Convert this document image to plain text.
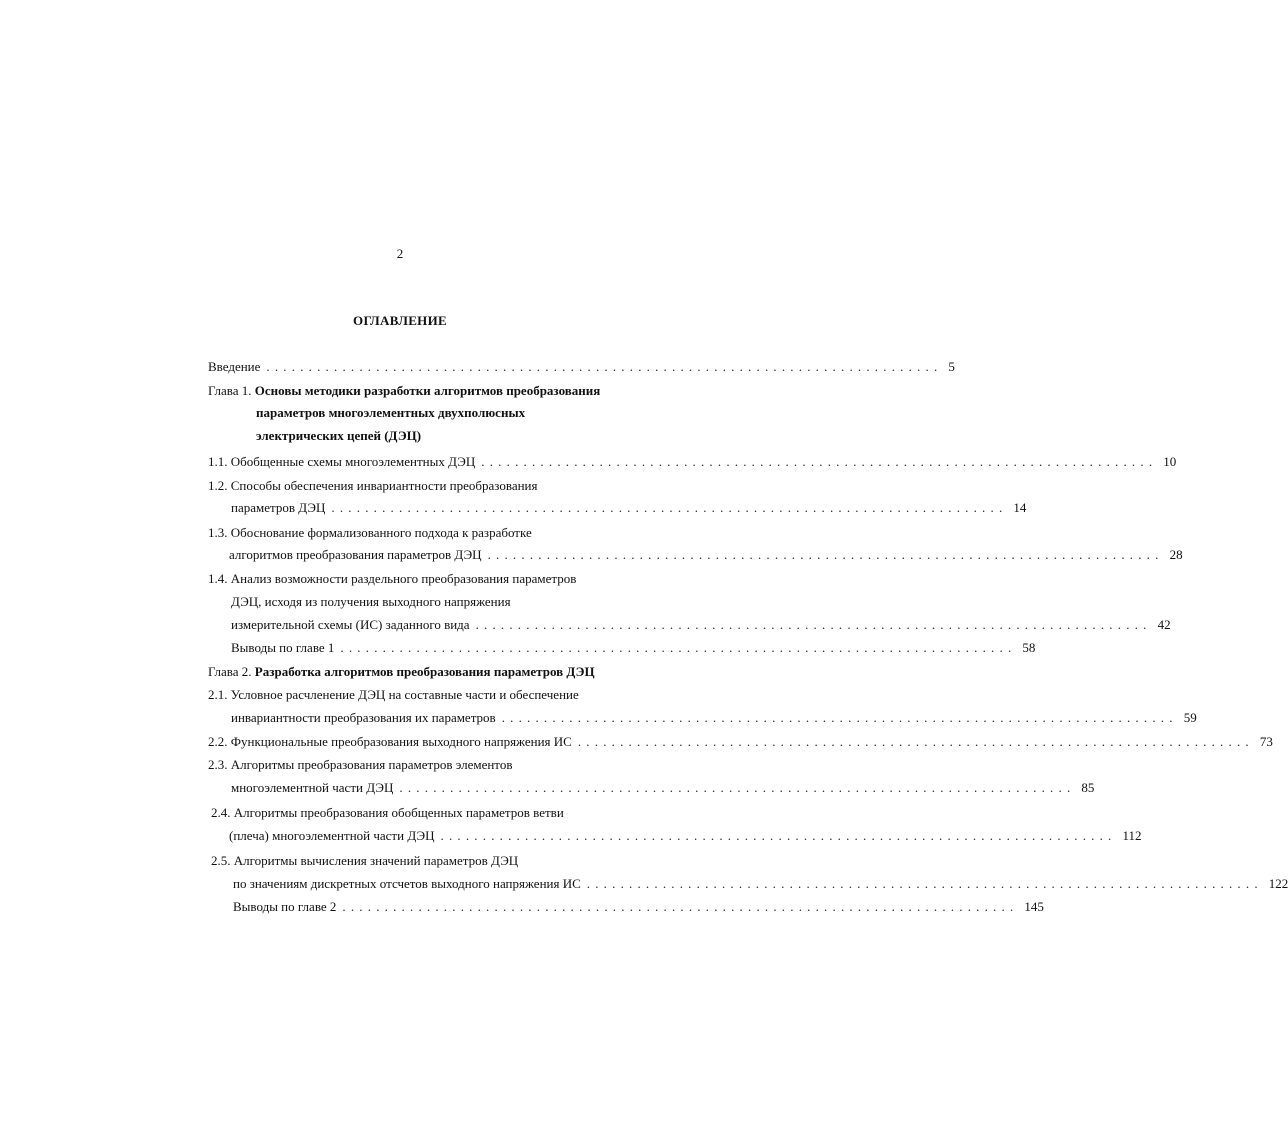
2
ОГЛАВЛЕНИЕ
Введение ................................................................................ 5
Глава 1. Основы методики разработки алгоритмов преобразования
параметров многоэлементных двухполюсных
электрических цепей (ДЭЦ)
1.1. Обобщенные схемы многоэлементных ДЭЦ ................................................................................ 10
1.2. Способы обеспечения инвариантности преобразования
параметров ДЭЦ ................................................................................ 14
1.3. Обоснование формализованного подхода к разработке
алгоритмов преобразования параметров ДЭЦ ................................................................................ 28
1.4. Анализ возможности раздельного преобразования параметров
ДЭЦ, исходя из получения выходного напряжения
измерительной схемы (ИС) заданного вида ................................................................................ 42
Выводы по главе 1 ................................................................................ 58
Глава 2. Разработка алгоритмов преобразования параметров ДЭЦ
2.1. Условное расчленение ДЭЦ на составные части и обеспечение
инвариантности преобразования их параметров ................................................................................ 59
2.2. Функциональные преобразования выходного напряжения ИС ................................................................................ 73
2.3. Алгоритмы преобразования параметров элементов
многоэлементной части ДЭЦ ................................................................................ 85
2.4. Алгоритмы преобразования обобщенных параметров ветви
(плеча) многоэлементной части ДЭЦ ................................................................................ 112
2.5. Алгоритмы вычисления значений параметров ДЭЦ
по значениям дискретных отсчетов выходного напряжения ИС ................................................................................ 122
Выводы по главе 2 ................................................................................ 145
